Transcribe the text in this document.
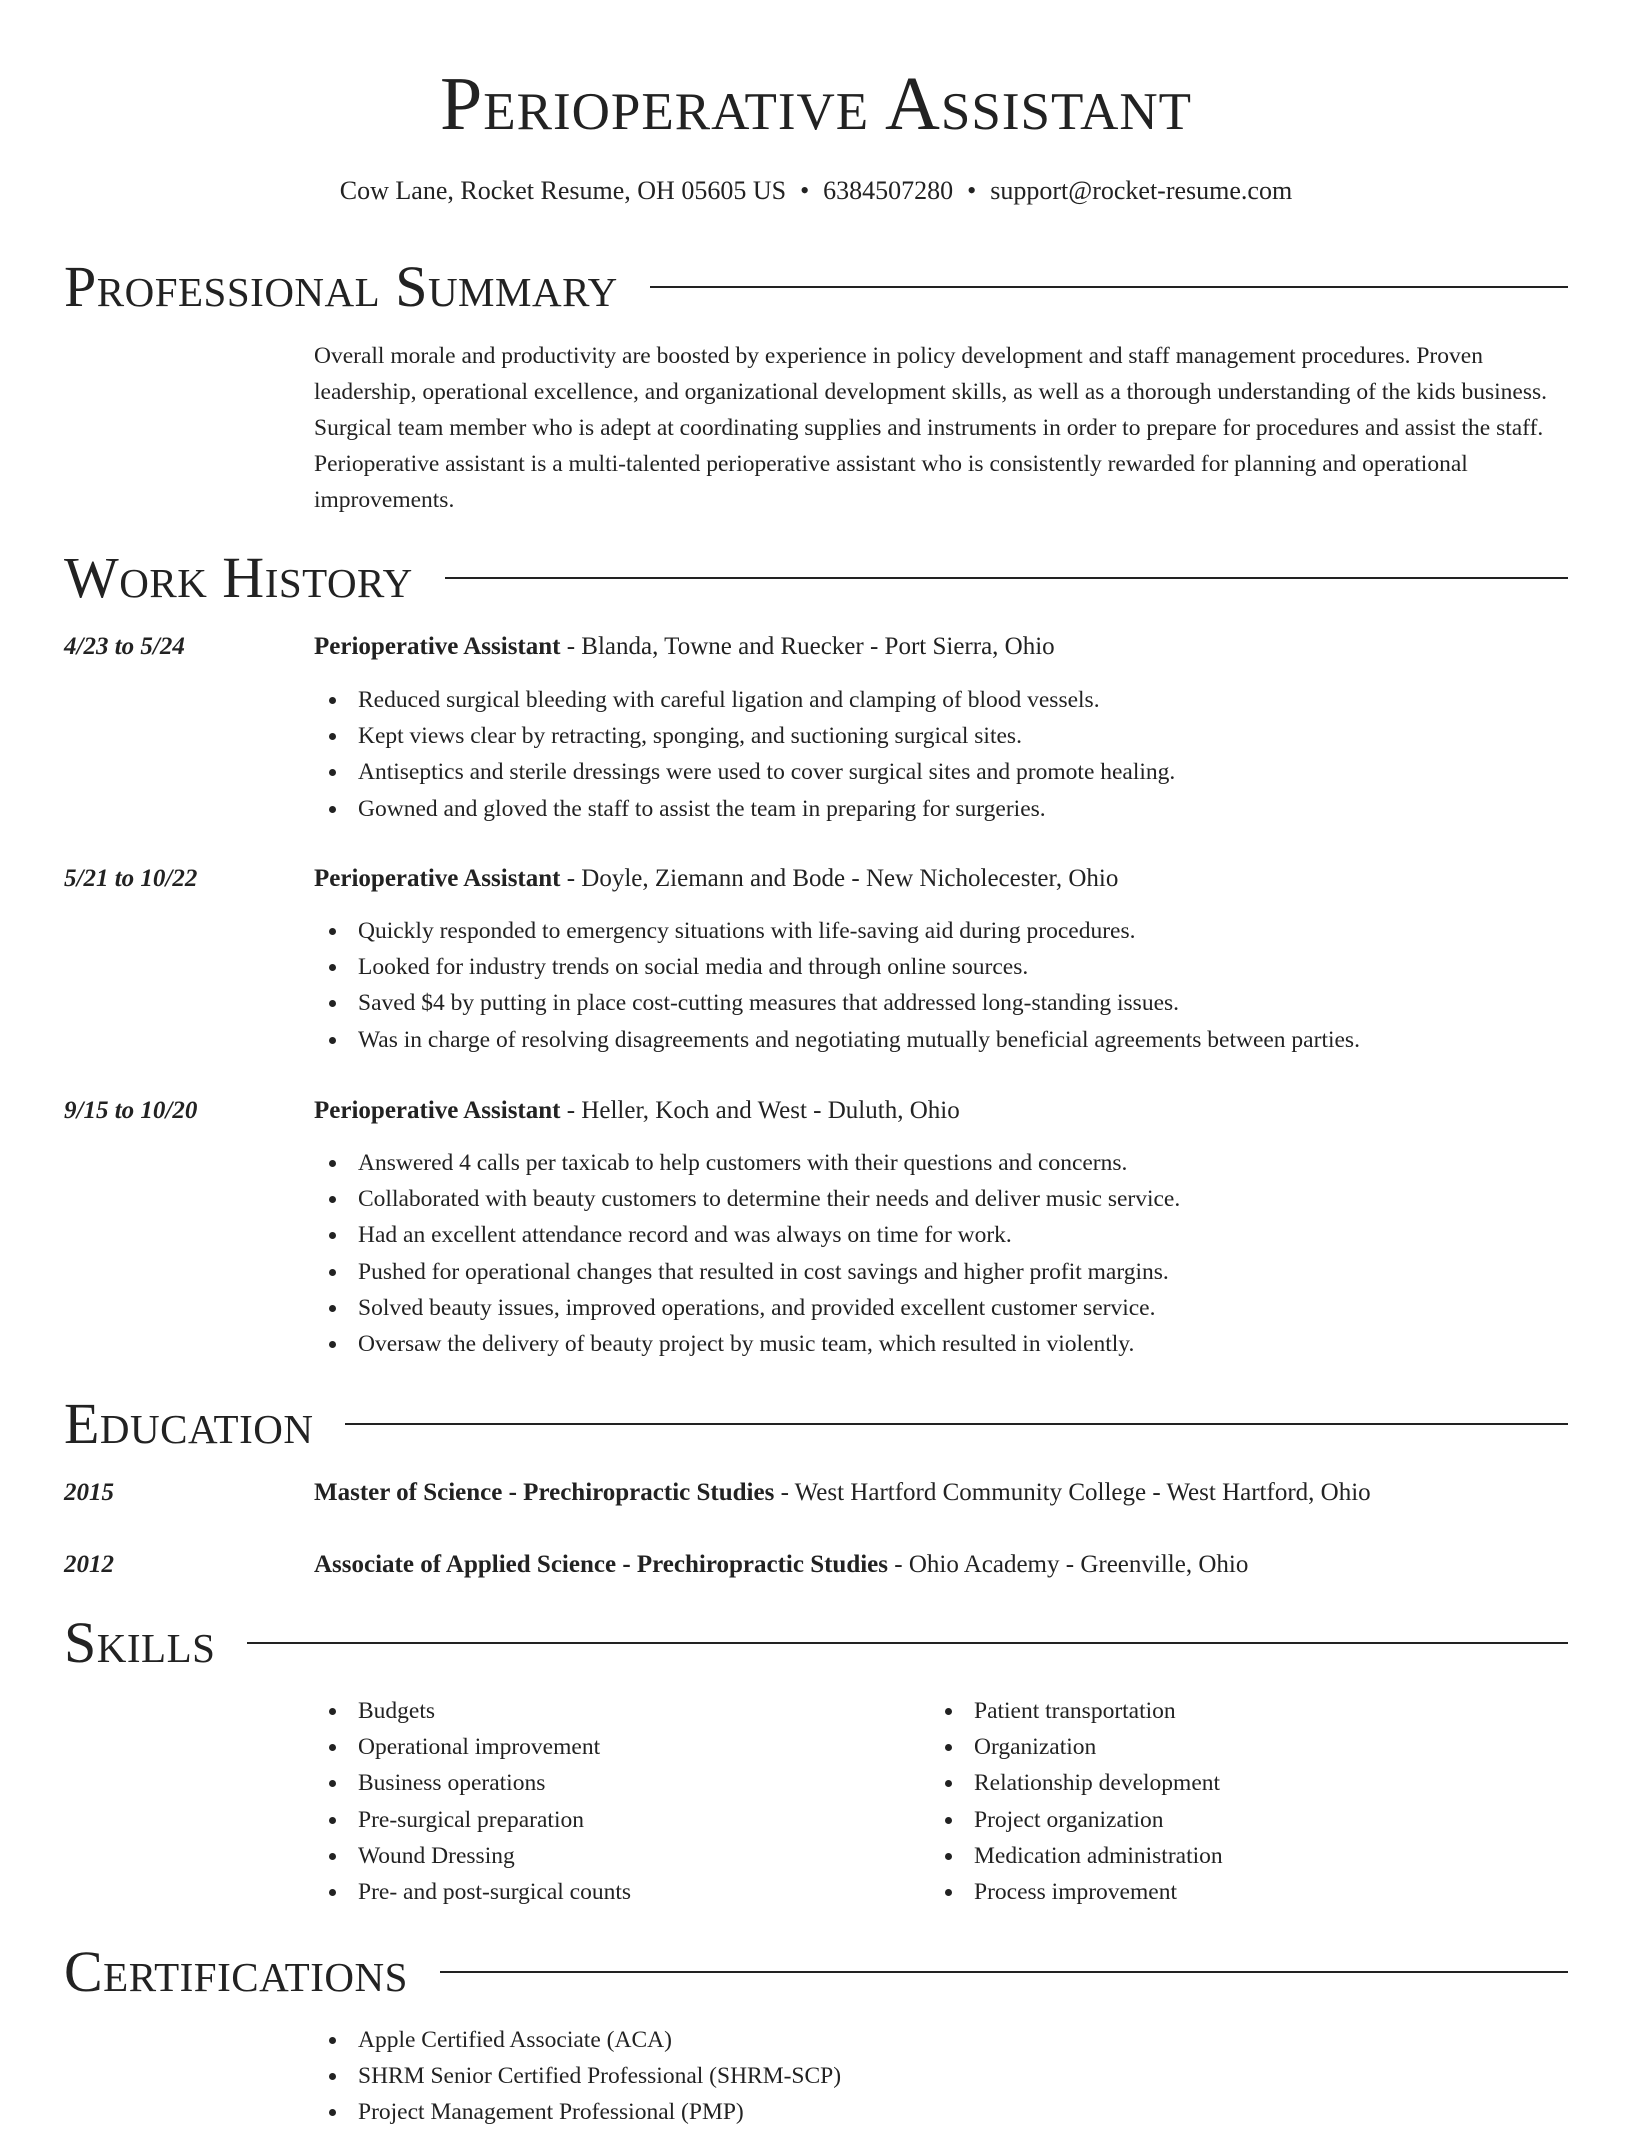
Perioperative Assistant
Cow Lane, Rocket Resume, OH 05605 US • 6384507280 • support@rocket-resume.com
Professional Summary

Overall morale and productivity are boosted by experience in policy development and staff management procedures. Proven leadership, operational excellence, and organizational development skills, as well as a thorough understanding of the kids business. Surgical team member who is adept at coordinating supplies and instruments in order to prepare for procedures and assist the staff. Perioperative assistant is a multi-talented perioperative assistant who is consistently rewarded for planning and operational improvements.

Work History
4/23 to 5/24	Perioperative Assistant - Blanda, Towne and Ruecker - Port Sierra, Ohio
Reduced surgical bleeding with careful ligation and clamping of blood vessels.
Kept views clear by retracting, sponging, and suctioning surgical sites.
Antiseptics and sterile dressings were used to cover surgical sites and promote healing.
Gowned and gloved the staff to assist the team in preparing for surgeries.
5/21 to 10/22	Perioperative Assistant - Doyle, Ziemann and Bode - New Nicholecester, Ohio
Quickly responded to emergency situations with life-saving aid during procedures.
Looked for industry trends on social media and through online sources.
Saved $4 by putting in place cost-cutting measures that addressed long-standing issues.
Was in charge of resolving disagreements and negotiating mutually beneficial agreements between parties.
9/15 to 10/20	Perioperative Assistant - Heller, Koch and West - Duluth, Ohio
Answered 4 calls per taxicab to help customers with their questions and concerns.
Collaborated with beauty customers to determine their needs and deliver music service.
Had an excellent attendance record and was always on time for work.
Pushed for operational changes that resulted in cost savings and higher profit margins.
Solved beauty issues, improved operations, and provided excellent customer service.
Oversaw the delivery of beauty project by music team, which resulted in violently.
Education
2015	Master of Science - Prechiropractic Studies - West Hartford Community College - West Hartford, Ohio
2012	Associate of Applied Science - Prechiropractic Studies - Ohio Academy - Greenville, Ohio
Skills
Budgets
Operational improvement
Business operations
Pre-surgical preparation
Wound Dressing
Pre- and post-surgical counts
Patient transportation
Organization
Relationship development
Project organization
Medication administration
Process improvement
Certifications
Apple Certified Associate (ACA)
SHRM Senior Certified Professional (SHRM-SCP)
Project Management Professional (PMP)
